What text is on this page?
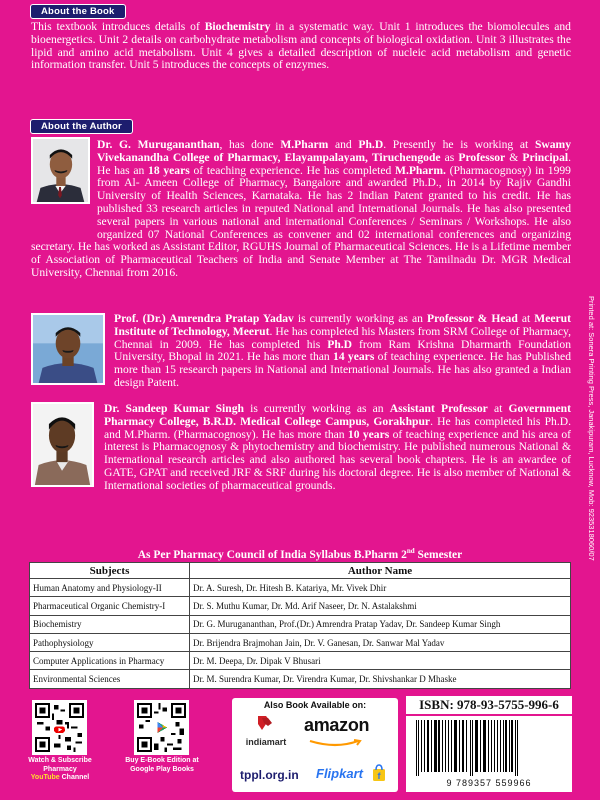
About the Book
This textbook introduces details of Biochemistry in a systematic way. Unit 1 introduces the biomolecules and bioenergetics. Unit 2 details on carbohydrate metabolism and concepts of biological oxidation. Unit 3 illustrates the lipid and amino acid metabolism. Unit 4 gives a detailed description of nucleic acid metabolism and genetic information transfer. Unit 5 introduces the concepts of enzymes.
About the Author
Dr. G. Murugananthan, has done M.Pharm and Ph.D. Presently he is working at Swamy Vivekanandha College of Pharmacy, Elayampalayam, Tiruchengode as Professor & Principal. He has an 18 years of teaching experience. He has completed M.Pharm. (Pharmacognosy) in 1999 from Al- Ameen College of Pharmacy, Bangalore and awarded Ph.D., in 2014 by Rajiv Gandhi University of Health Sciences, Karnataka. He has 2 Indian Patent granted to his credit. He has published 33 research articles in reputed National and International Journals. He has also presented several papers in various national and international Conferences / Seminars / Workshops. He also organized 07 National Conferences as convener and 02 international conferences and organizing secretary. He has worked as Assistant Editor, RGUHS Journal of Pharmaceutical Sciences. He is a Lifetime member of Association of Pharmaceutical Teachers of India and Senate Member at The Tamilnadu Dr. MGR Medical University, Chennai from 2016.
Prof. (Dr.) Amrendra Pratap Yadav is currently working as an Professor & Head at Meerut Institute of Technology, Meerut. He has completed his Masters from SRM College of Pharmacy, Chennai in 2009. He has completed his Ph.D from Ram Krishna Dharmarth Foundation University, Bhopal in 2021. He has more than 14 years of teaching experience. He has Published more than 15 research papers in National and International Journals. He has also granted a Indian design Patent.
Dr. Sandeep Kumar Singh is currently working as an Assistant Professor at Government Pharmacy College, B.R.D. Medical College Campus, Gorakhpur. He has completed his Ph.D. and M.Pharm. (Pharmacognosy). He has more than 10 years of teaching experience and his area of interest is Pharmacognosy & phytochemistry and biochemistry. He published numerous National & International research articles and also authored has several book chapters. He is an awardee of GATE, GPAT and received JRF & SRF during his doctoral degree. He is also member of National & International societies of pharmaceutical grounds.	Printed at: Sonera Printing Press, Janakipuram, Lucknow, Mob: 9235318060/07
As Per Pharmacy Council of India Syllabus B.Pharm 2nd Semester
Subjects	Author Name
Human Anatomy and Physiology-II	Dr. A. Suresh, Dr. Hitesh B. Katariya, Mr. Vivek Dhir
Pharmaceutical Organic Chemistry-I	Dr. S. Muthu Kumar, Dr. Md. Arif Naseer, Dr. N. Astalakshmi
Biochemistry	Dr. G. Murugananthan, Prof.(Dr.) Amrendra Pratap Yadav, Dr. Sandeep Kumar Singh
Pathophysiology	Dr. Brijendra Brajmohan Jain, Dr. V. Ganesan, Dr. Sanwar Mal Yadav
Computer Applications in Pharmacy	Dr. M. Deepa, Dr. Dipak V Bhusari
Environmental Sciences	Dr. M. Surendra Kumar, Dr. Virendra Kumar, Dr. Shivshankar D Mhaske
Watch & Subscribe
Pharmacy
YouTube Channel
Buy E-Book Edition at
Google Play Books
Also Book Available on:
indiamart
amazon
tppl.org.in Flipkart f
ISBN: 978-93-5755-996-6
9 789357 559966
